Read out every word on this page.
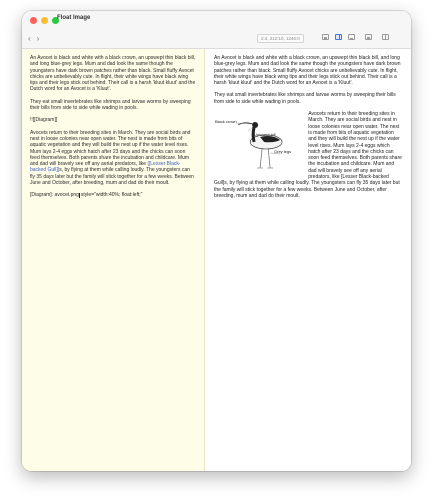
Float Image
‹ ›	2:4, 212:10, 1240:0

An Avocet is black and white with a black crown, an upswept thin black bill, and long blue-grey legs. Mum and dad look the same though the youngsters have dark brown patches rather than black. Small fluffy Avocet chicks are unbelievably cute. In flight, their white wings have black wing tips and their legs stick out behind. Their call is a harsh 'kluut kluut' and the Dutch word for an Avocet is a 'Kluut'.

They eat small invertebrates like shrimps and larvae worms by sweeping their bills from side to side while wading in pools.

!![[Diagram]]

Avocets return to their breeding sites in March. They are social birds and nest in loose colonies near open water. The nest is made from bits of aquatic vegetation and they will build the nest up if the water level rises. Mum lays 2-4 eggs which hatch after 23 days and the chicks can soon feed themselves. Both parents share the incubation and childcare. Mum and dad will bravely see off any aerial predators, like [[Lesser Black-backed Gull]]s, by flying at them while calling loudly. The youngsters can fly 35 days later but the family will stick together for a few weeks. Between June and October, after breeding, mum and dad do their moult.

[Diagram]: avocet.png style="width:40%; float:left;"

An Avocet is black and white with a black crown, an upswept thin black bill, and long blue-grey legs. Mum and dad look the same though the youngsters have dark brown patches rather than black. Small fluffy Avocet chicks are unbelievably cute. In flight, their white wings have black wing tips and their legs stick out behind. Their call is a harsh 'kluut kluut' and the Dutch word for an Avocet is a 'Kluut'.

They eat small invertebrates like shrimps and larvae worms by sweeping their bills from side to side while wading in pools.

Black crown
Upswept bill
Grey legs

Avocets return to their breeding sites in March. They are social birds and nest in loose colonies near open water. The nest is made from bits of aquatic vegetation and they will build the nest up if the water level rises. Mum lays 2-4 eggs which hatch after 23 days and the chicks can soon feed themselves. Both parents share the incubation and childcare. Mum and dad will bravely see off any aerial predators, like [Lesser Black-backed Gull]s, by flying at them while calling loudly. The youngsters can fly 35 days later but the family will stick together for a few weeks. Between June and October, after breeding, mum and dad do their moult.
